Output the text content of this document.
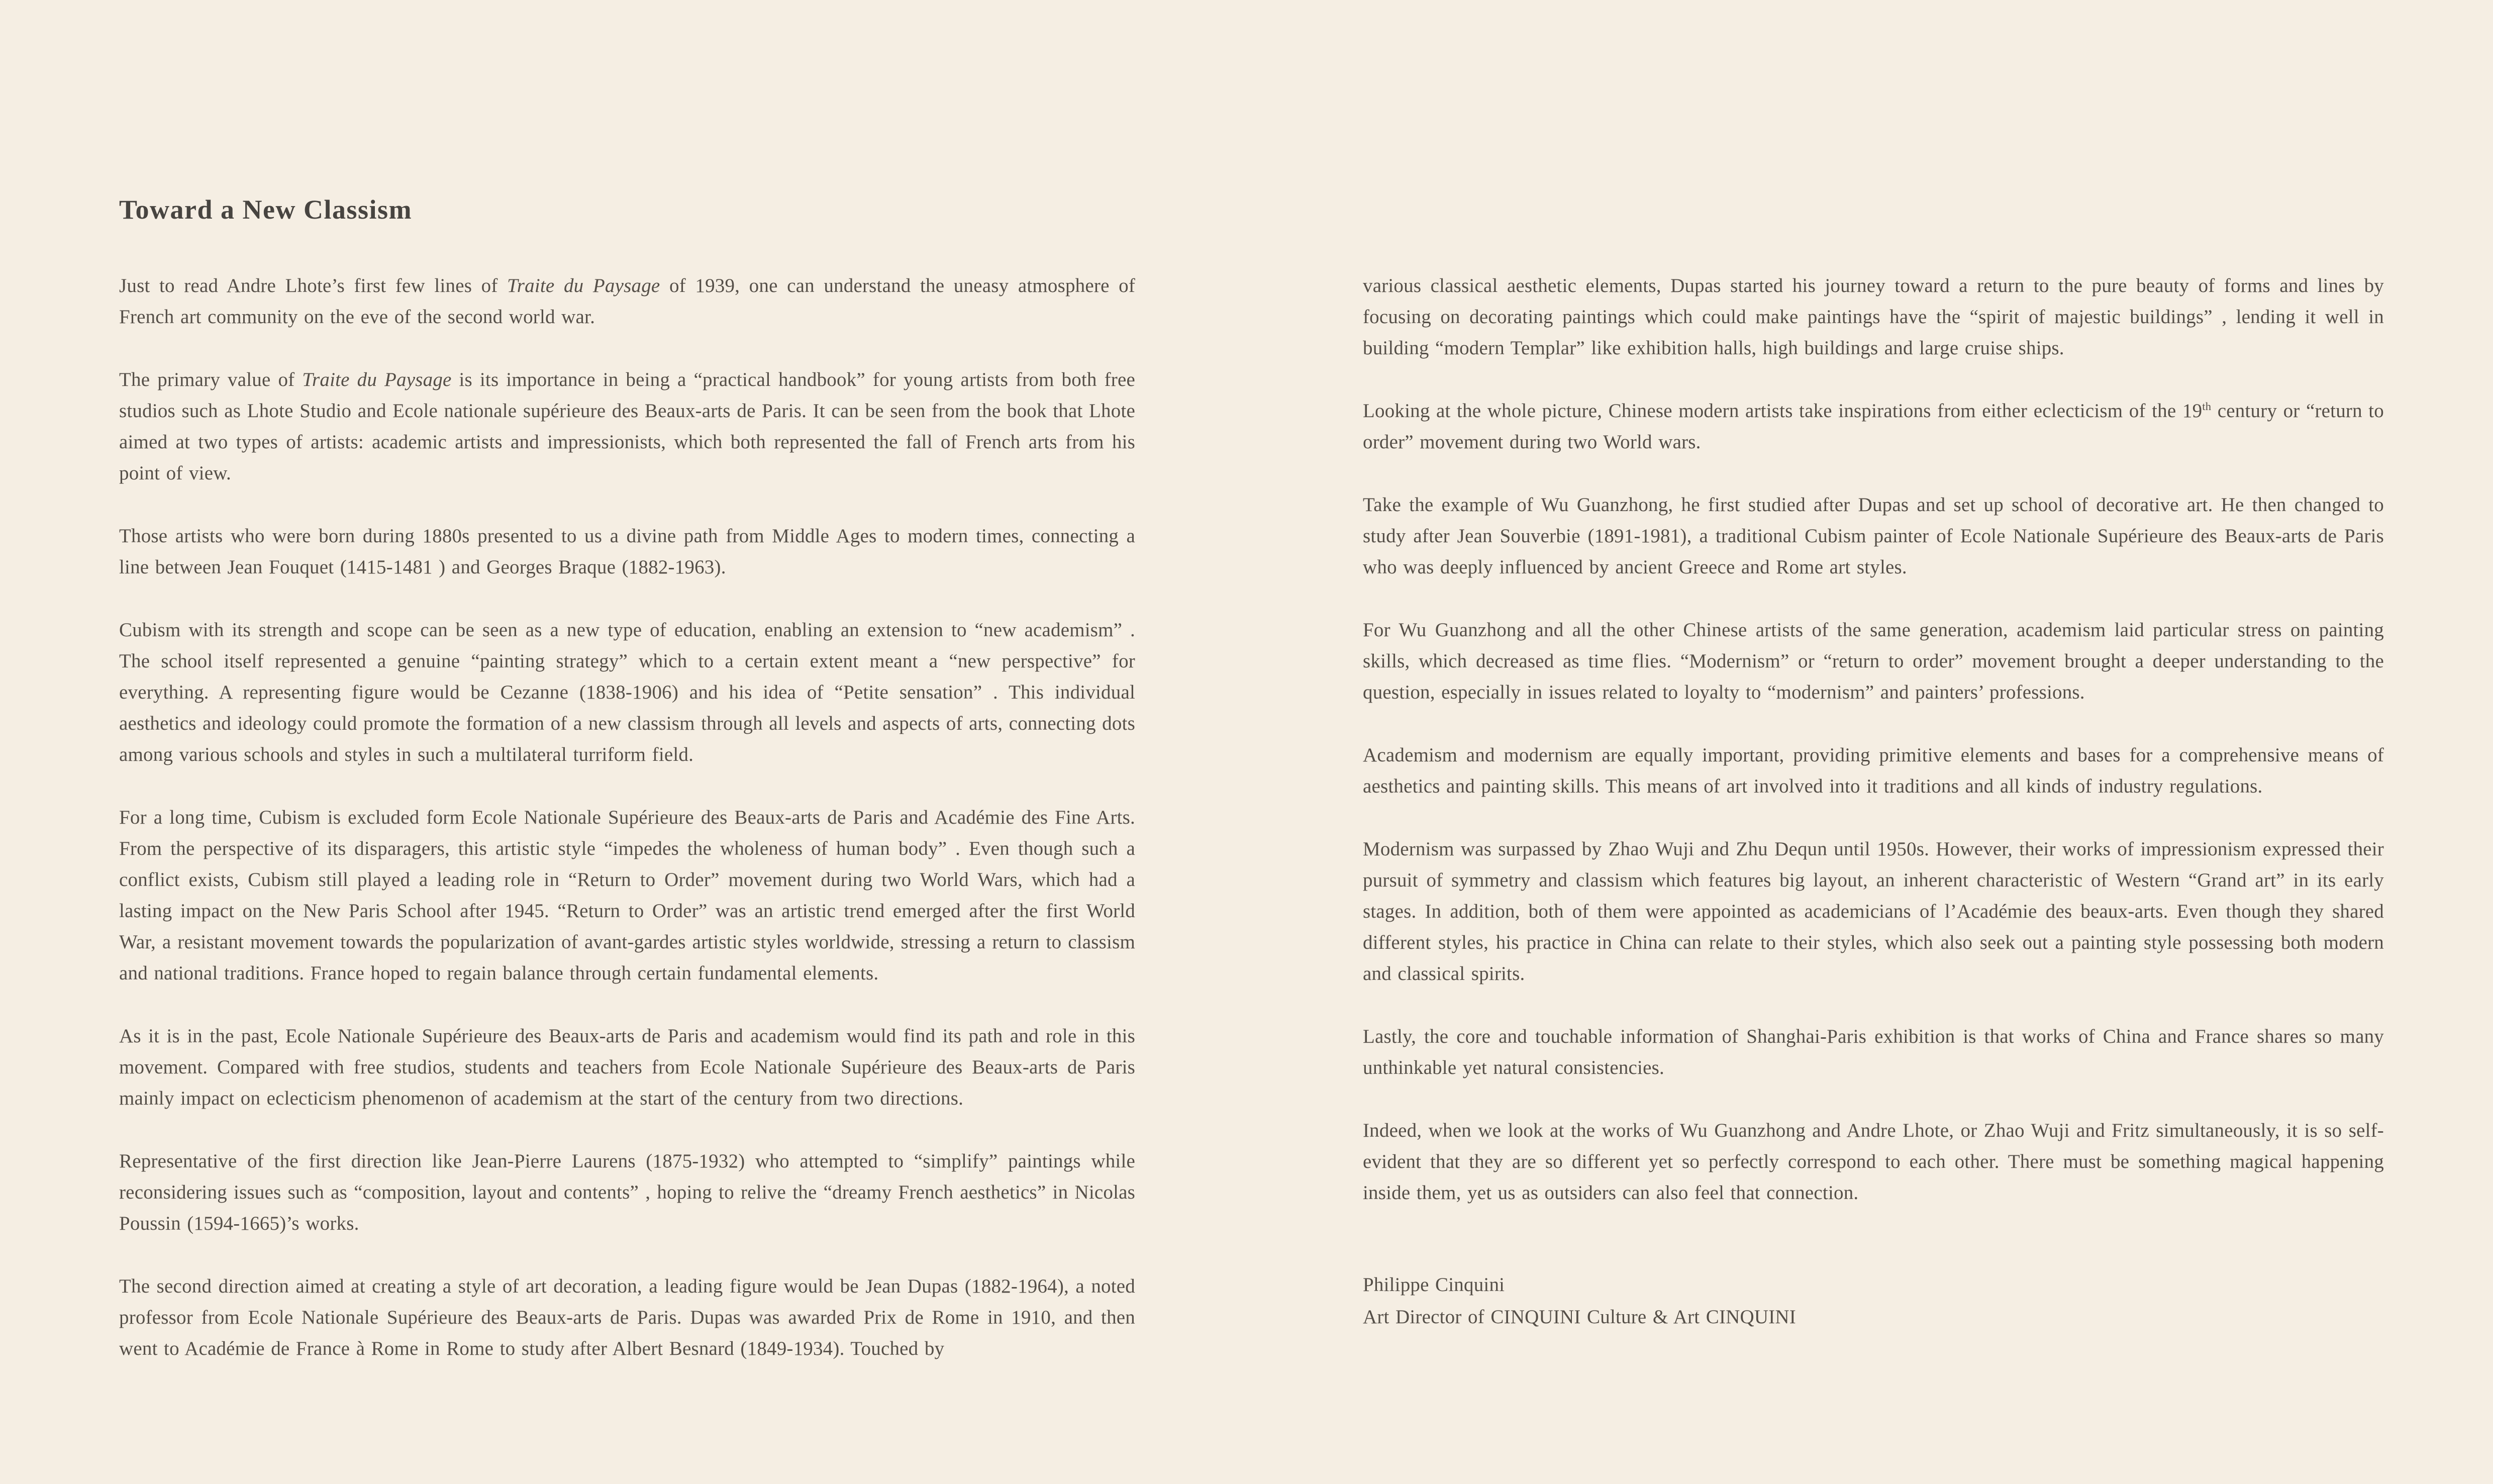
Toward a New Classism

Just to read Andre Lhote’s first few lines of Traite du Paysage of 1939, one can understand the uneasy atmosphere of French art community on the eve of the second world war.

The primary value of Traite du Paysage is its importance in being a “practical handbook” for young artists from both free studios such as Lhote Studio and Ecole nationale supérieure des Beaux-arts de Paris. It can be seen from the book that Lhote aimed at two types of artists: academic artists and impressionists, which both represented the fall of French arts from his point of view.

Those artists who were born during 1880s presented to us a divine path from Middle Ages to modern times, connecting a line between Jean Fouquet (1415-1481 ) and Georges Braque (1882-1963).

Cubism with its strength and scope can be seen as a new type of education, enabling an extension to “new academism” . The school itself represented a genuine “painting strategy” which to a certain extent meant a “new perspective” for everything. A representing figure would be Cezanne (1838-1906) and his idea of “Petite sensation” . This individual aesthetics and ideology could promote the formation of a new classism through all levels and aspects of arts, connecting dots among various schools and styles in such a multilateral turriform field.

For a long time, Cubism is excluded form Ecole Nationale Supérieure des Beaux-arts de Paris and Académie des Fine Arts. From the perspective of its disparagers, this artistic style “impedes the wholeness of human body” . Even though such a conflict exists, Cubism still played a leading role in “Return to Order” movement during two World Wars, which had a lasting impact on the New Paris School after 1945. “Return to Order” was an artistic trend emerged after the first World War, a resistant movement towards the popularization of avant-gardes artistic styles worldwide, stressing a return to classism and national traditions. France hoped to regain balance through certain fundamental elements.

As it is in the past, Ecole Nationale Supérieure des Beaux-arts de Paris and academism would find its path and role in this movement. Compared with free studios, students and teachers from Ecole Nationale Supérieure des Beaux-arts de Paris mainly impact on eclecticism phenomenon of academism at the start of the century from two directions.

Representative of the first direction like Jean-Pierre Laurens (1875-1932) who attempted to “simplify” paintings while reconsidering issues such as “composition, layout and contents” , hoping to relive the “dreamy French aesthetics” in Nicolas Poussin (1594-1665)’s works.

The second direction aimed at creating a style of art decoration, a leading figure would be Jean Dupas (1882-1964), a noted professor from Ecole Nationale Supérieure des Beaux-arts de Paris. Dupas was awarded Prix de Rome in 1910, and then went to Académie de France à Rome in Rome to study after Albert Besnard (1849-1934). Touched by

various classical aesthetic elements, Dupas started his journey toward a return to the pure beauty of forms and lines by focusing on decorating paintings which could make paintings have the “spirit of majestic buildings” , lending it well in building “modern Templar” like exhibition halls, high buildings and large cruise ships.

Looking at the whole picture, Chinese modern artists take inspirations from either eclecticism of the 19th century or “return to order” movement during two World wars.

Take the example of Wu Guanzhong, he first studied after Dupas and set up school of decorative art. He then changed to study after Jean Souverbie (1891-1981), a traditional Cubism painter of Ecole Nationale Supérieure des Beaux-arts de Paris who was deeply influenced by ancient Greece and Rome art styles.

For Wu Guanzhong and all the other Chinese artists of the same generation, academism laid particular stress on painting skills, which decreased as time flies. “Modernism” or “return to order” movement brought a deeper understanding to the question, especially in issues related to loyalty to “modernism” and painters’ professions.

Academism and modernism are equally important, providing primitive elements and bases for a comprehensive means of aesthetics and painting skills. This means of art involved into it traditions and all kinds of industry regulations.

Modernism was surpassed by Zhao Wuji and Zhu Dequn until 1950s. However, their works of impressionism expressed their pursuit of symmetry and classism which features big layout, an inherent characteristic of Western “Grand art” in its early stages. In addition, both of them were appointed as academicians of l’Académie des beaux-arts. Even though they shared different styles, his practice in China can relate to their styles, which also seek out a painting style possessing both modern and classical spirits.

Lastly, the core and touchable information of Shanghai-Paris exhibition is that works of China and France shares so many unthinkable yet natural consistencies.

Indeed, when we look at the works of Wu Guanzhong and Andre Lhote, or Zhao Wuji and Fritz simultaneously, it is so self-evident that they are so different yet so perfectly correspond to each other. There must be something magical happening inside them, yet us as outsiders can also feel that connection.

Philippe Cinquini
Art Director of CINQUINI Culture & Art CINQUINI
